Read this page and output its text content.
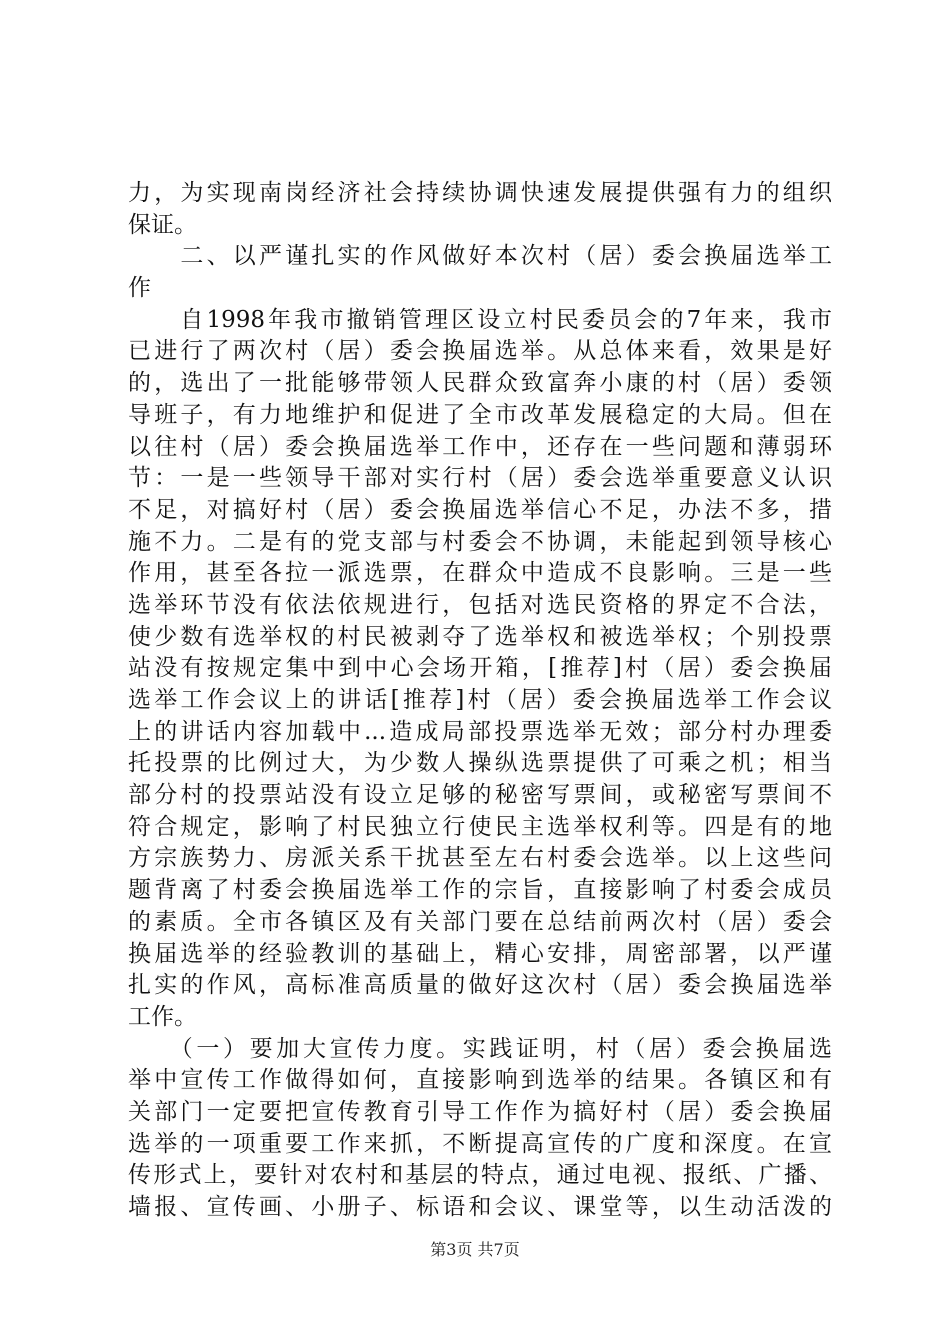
力，为实现南岗经济社会持续协调快速发展提供强有力的组织
保证。
　　二、以严谨扎实的作风做好本次村（居）委会换届选举工
作
　　自1998年我市撤销管理区设立村民委员会的7年来，我市
已进行了两次村（居）委会换届选举。从总体来看，效果是好
的，选出了一批能够带领人民群众致富奔小康的村（居）委领
导班子，有力地维护和促进了全市改革发展稳定的大局。但在
以往村（居）委会换届选举工作中，还存在一些问题和薄弱环
节：一是一些领导干部对实行村（居）委会选举重要意义认识
不足，对搞好村（居）委会换届选举信心不足，办法不多，措
施不力。二是有的党支部与村委会不协调，未能起到领导核心
作用，甚至各拉一派选票，在群众中造成不良影响。三是一些
选举环节没有依法依规进行，包括对选民资格的界定不合法，
使少数有选举权的村民被剥夺了选举权和被选举权；个别投票
站没有按规定集中到中心会场开箱，[推荐]村（居）委会换届
选举工作会议上的讲话[推荐]村（居）委会换届选举工作会议
上的讲话内容加载中...造成局部投票选举无效；部分村办理委
托投票的比例过大，为少数人操纵选票提供了可乘之机；相当
部分村的投票站没有设立足够的秘密写票间，或秘密写票间不
符合规定，影响了村民独立行使民主选举权利等。四是有的地
方宗族势力、房派关系干扰甚至左右村委会选举。以上这些问
题背离了村委会换届选举工作的宗旨，直接影响了村委会成员
的素质。全市各镇区及有关部门要在总结前两次村（居）委会
换届选举的经验教训的基础上，精心安排，周密部署，以严谨
扎实的作风，高标准高质量的做好这次村（居）委会换届选举
工作。
　　（一）要加大宣传力度。实践证明，村（居）委会换届选
举中宣传工作做得如何，直接影响到选举的结果。各镇区和有
关部门一定要把宣传教育引导工作作为搞好村（居）委会换届
选举的一项重要工作来抓，不断提高宣传的广度和深度。在宣
传形式上，要针对农村和基层的特点，通过电视、报纸、广播、
墙报、宣传画、小册子、标语和会议、课堂等，以生动活泼的
第3页 共7页
